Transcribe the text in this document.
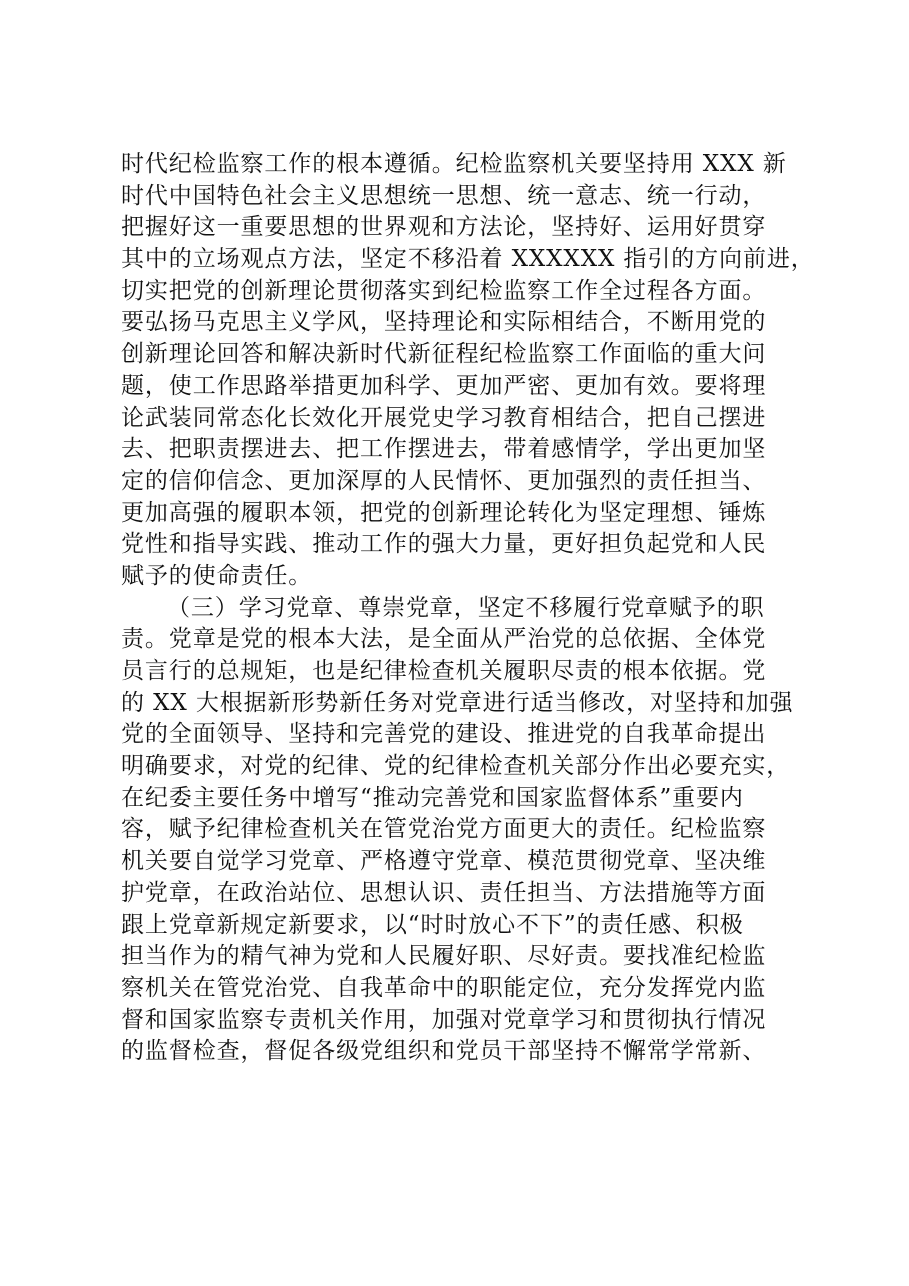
时代纪检监察工作的根本遵循。纪检监察机关要坚持用 XXX 新
时代中国特色社会主义思想统一思想、统一意志、统一行动，
把握好这一重要思想的世界观和方法论，坚持好、运用好贯穿
其中的立场观点方法，坚定不移沿着 XXXXXX 指引的方向前进，
切实把党的创新理论贯彻落实到纪检监察工作全过程各方面。
要弘扬马克思主义学风，坚持理论和实际相结合，不断用党的
创新理论回答和解决新时代新征程纪检监察工作面临的重大问
题，使工作思路举措更加科学、更加严密、更加有效。要将理
论武装同常态化长效化开展党史学习教育相结合，把自己摆进
去、把职责摆进去、把工作摆进去，带着感情学，学出更加坚
定的信仰信念、更加深厚的人民情怀、更加强烈的责任担当、
更加高强的履职本领，把党的创新理论转化为坚定理想、锤炼
党性和指导实践、推动工作的强大力量，更好担负起党和人民
赋予的使命责任。
（三）学习党章、尊崇党章，坚定不移履行党章赋予的职
责。党章是党的根本大法，是全面从严治党的总依据、全体党
员言行的总规矩，也是纪律检查机关履职尽责的根本依据。党
的 XX 大根据新形势新任务对党章进行适当修改，对坚持和加强
党的全面领导、坚持和完善党的建设、推进党的自我革命提出
明确要求，对党的纪律、党的纪律检查机关部分作出必要充实，
在纪委主要任务中增写“推动完善党和国家监督体系”重要内
容，赋予纪律检查机关在管党治党方面更大的责任。纪检监察
机关要自觉学习党章、严格遵守党章、模范贯彻党章、坚决维
护党章，在政治站位、思想认识、责任担当、方法措施等方面
跟上党章新规定新要求，以“时时放心不下”的责任感、积极
担当作为的精气神为党和人民履好职、尽好责。要找准纪检监
察机关在管党治党、自我革命中的职能定位，充分发挥党内监
督和国家监察专责机关作用，加强对党章学习和贯彻执行情况
的监督检查，督促各级党组织和党员干部坚持不懈常学常新、
